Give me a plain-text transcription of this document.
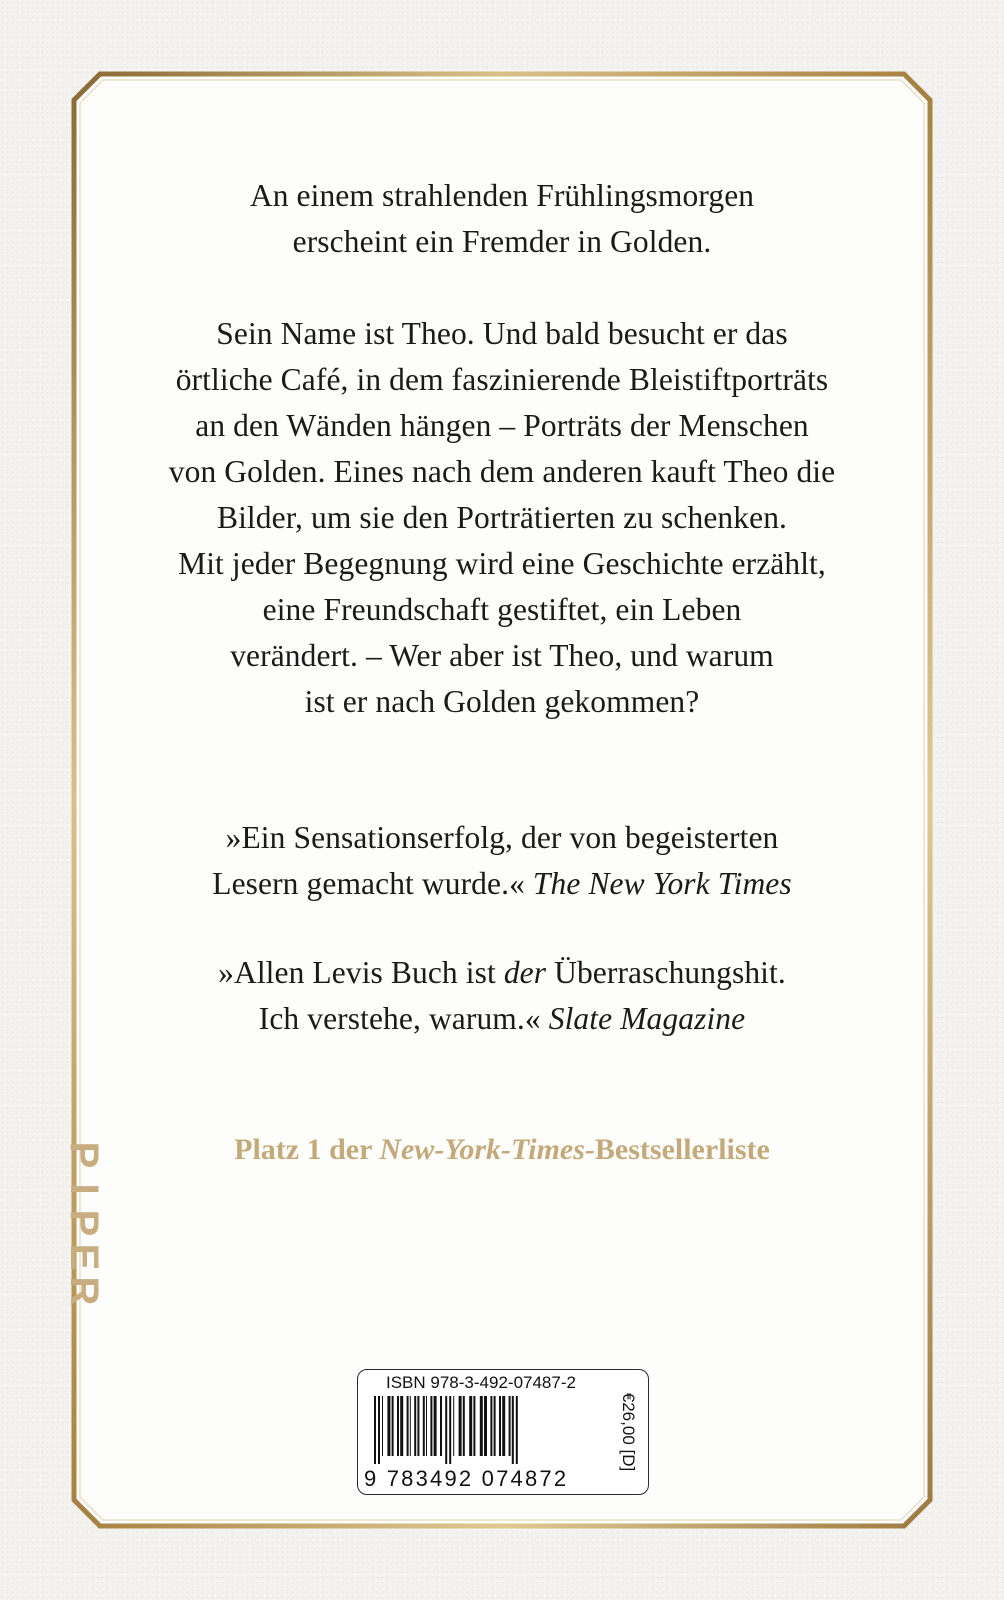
An einem strahlenden Frühlingsmorgen
erscheint ein Fremder in Golden.
Sein Name ist Theo. Und bald besucht er das
örtliche Café, in dem faszinierende Bleistiftporträts
an den Wänden hängen – Porträts der Menschen
von Golden. Eines nach dem anderen kauft Theo die
Bilder, um sie den Porträtierten zu schenken.
Mit jeder Begegnung wird eine Geschichte erzählt,
eine Freundschaft gestiftet, ein Leben
verändert. – Wer aber ist Theo, und warum
ist er nach Golden gekommen?
»Ein Sensationserfolg, der von begeisterten
Lesern gemacht wurde.« The New York Times
»Allen Levis Buch ist der Überraschungshit.
Ich verstehe, warum.« Slate Magazine
Platz 1 der New-York-Times-Bestsellerliste
P
I
P
E
R
ISBN 978-3-492-07487-2
9 783492 074872
€26,00 [D]
